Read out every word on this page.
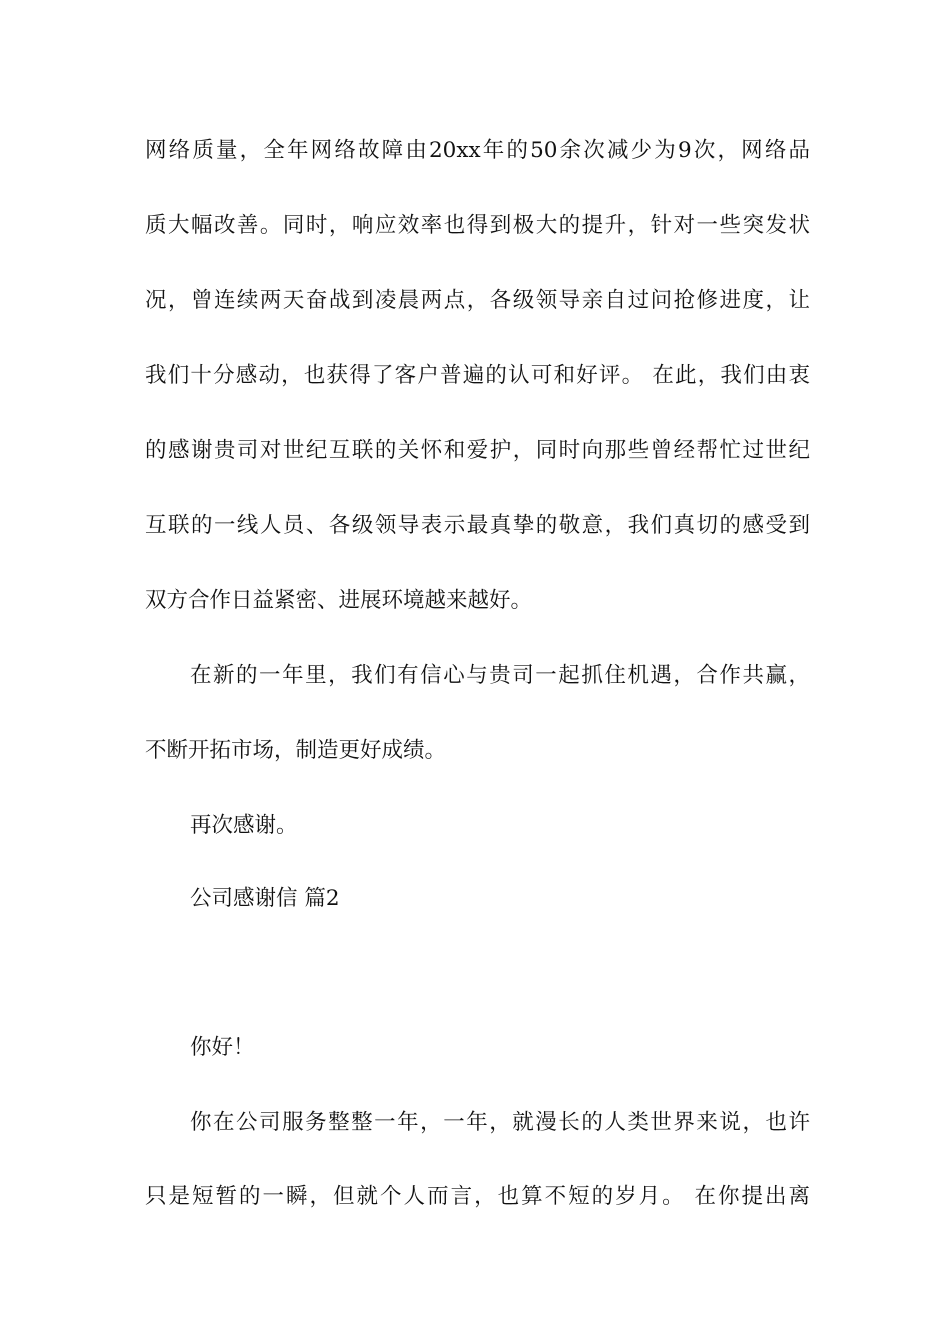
网络质量，全年网络故障由20xx年的50余次减少为9次，网络品
质大幅改善。同时，响应效率也得到极大的提升，针对一些突发状
况，曾连续两天奋战到凌晨两点，各级领导亲自过问抢修进度，让
我们十分感动，也获得了客户普遍的认可和好评。 在此，我们由衷
的感谢贵司对世纪互联的关怀和爱护，同时向那些曾经帮忙过世纪
互联的一线人员、各级领导表示最真挚的敬意，我们真切的感受到
双方合作日益紧密、进展环境越来越好。
在新的一年里，我们有信心与贵司一起抓住机遇，合作共赢，
不断开拓市场，制造更好成绩。
再次感谢。
公司感谢信 篇2
你好！
你在公司服务整整一年，一年，就漫长的人类世界来说，也许
只是短暂的一瞬，但就个人而言，也算不短的岁月。 在你提出离
